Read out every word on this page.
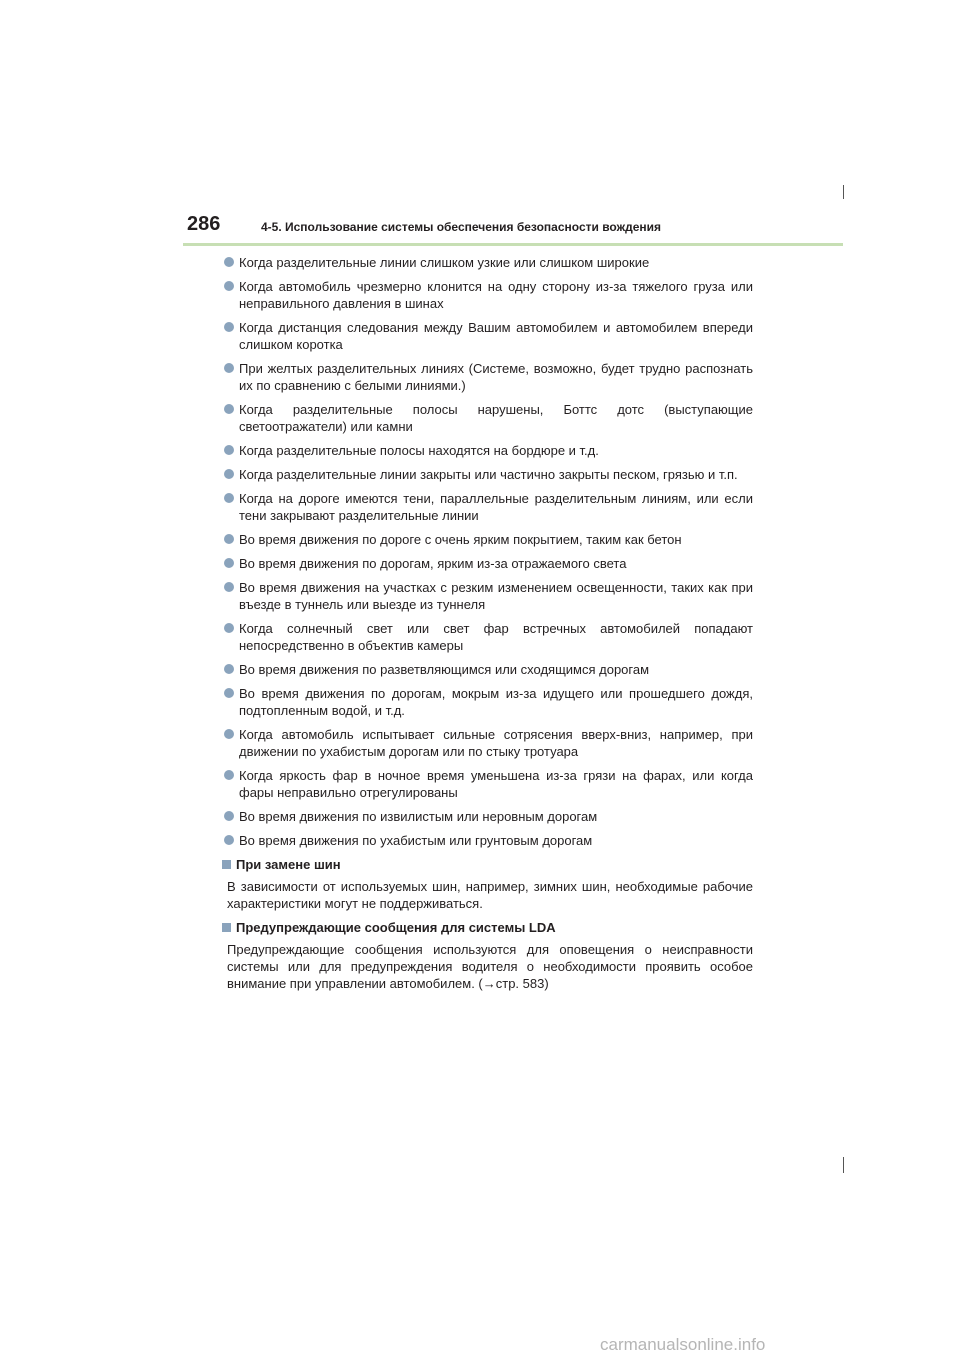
286	4-5. Использование системы обеспечения безопасности вождения
Когда разделительные линии слишком узкие или слишком широкие
Когда автомобиль чрезмерно клонится на одну сторону из-за тяжелого груза или неправильного давления в шинах
Когда дистанция следования между Вашим автомобилем и автомобилем впереди слишком коротка
При желтых разделительных линиях (Системе, возможно, будет трудно распознать их по сравнению с белыми линиями.)
Когда разделительные полосы нарушены, Боттс дотс (выступающие светоотражатели) или камни
Когда разделительные полосы находятся на бордюре и т.д.
Когда разделительные линии закрыты или частично закрыты песком, грязью и т.п.
Когда на дороге имеются тени, параллельные разделительным линиям, или если тени закрывают разделительные линии
Во время движения по дороге с очень ярким покрытием, таким как бетон
Во время движения по дорогам, ярким из-за отражаемого света
Во время движения на участках с резким изменением освещенности, таких как при въезде в туннель или выезде из туннеля
Когда солнечный свет или свет фар встречных автомобилей попадают непосредственно в объектив камеры
Во время движения по разветвляющимся или сходящимся дорогам
Во время движения по дорогам, мокрым из-за идущего или прошедшего дождя, подтопленным водой, и т.д.
Когда автомобиль испытывает сильные сотрясения вверх-вниз, например, при движении по ухабистым дорогам или по стыку тротуара
Когда яркость фар в ночное время уменьшена из-за грязи на фарах, или когда фары неправильно отрегулированы
Во время движения по извилистым или неровным дорогам
Во время движения по ухабистым или грунтовым дорогам
При замене шин
В зависимости от используемых шин, например, зимних шин, необходимые рабочие характеристики могут не поддерживаться.
Предупреждающие сообщения для системы LDA
Предупреждающие сообщения используются для оповещения о неисправности системы или для предупреждения водителя о необходимости проявить особое внимание при управлении автомобилем. (→стр. 583)
carmanualsonline.info
